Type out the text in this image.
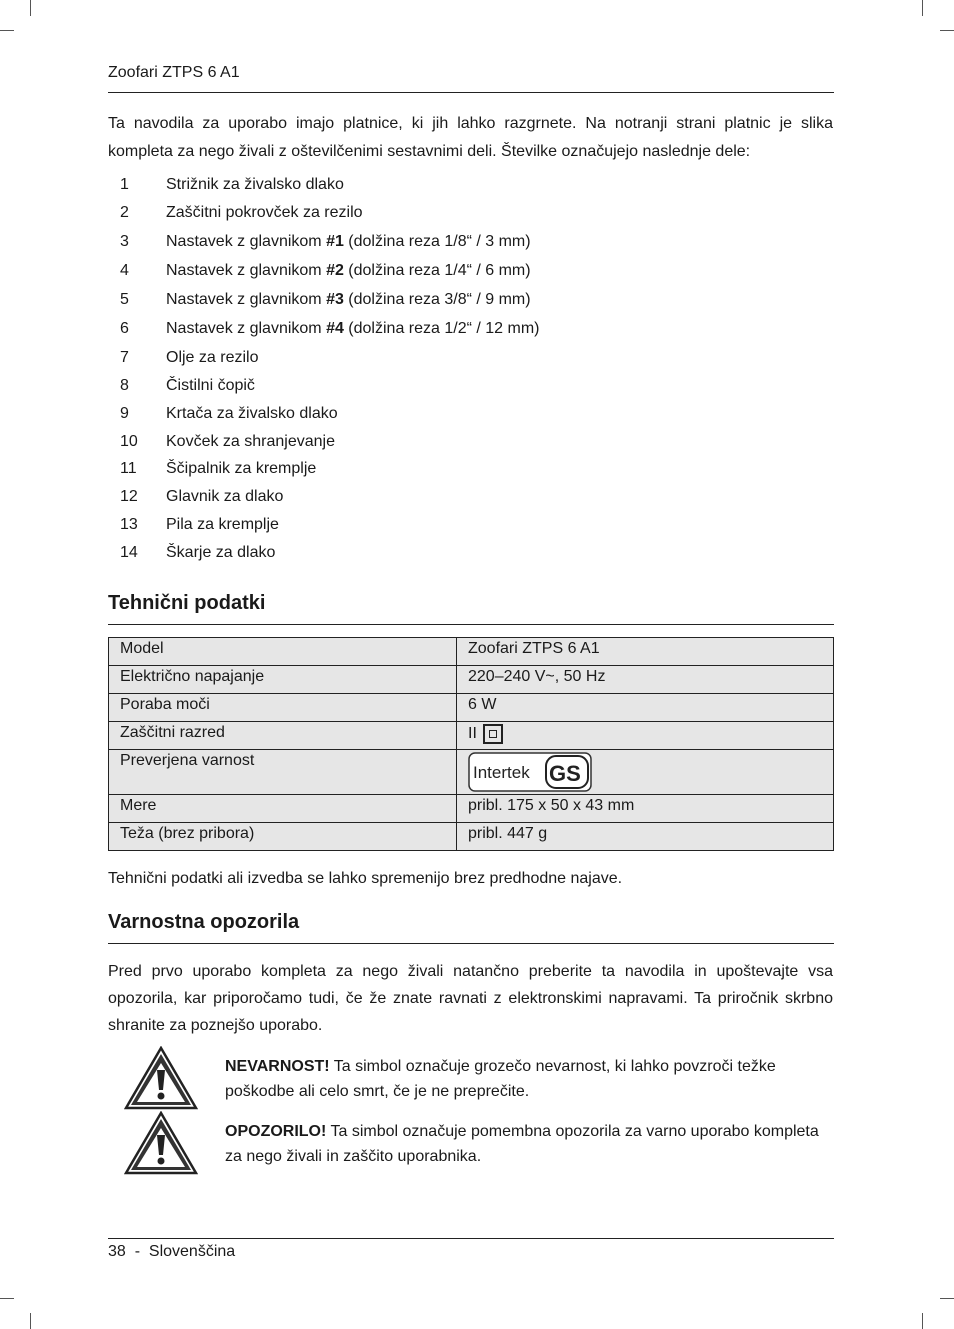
Zoofari ZTPS 6 A1
Ta navodila za uporabo imajo platnice, ki jih lahko razgrnete. Na notranji strani platnic je slika kompleta za nego živali z oštevilčenimi sestavnimi deli. Številke označujejo naslednje dele:
1	Strižnik za živalsko dlako
2	Zaščitni pokrovček za rezilo
3	Nastavek z glavnikom #1 (dolžina reza 1/8“ / 3 mm)
4	Nastavek z glavnikom #2 (dolžina reza 1/4“ / 6 mm)
5	Nastavek z glavnikom #3 (dolžina reza 3/8“ / 9 mm)
6	Nastavek z glavnikom #4 (dolžina reza 1/2“ / 12 mm)
7	Olje za rezilo
8	Čistilni čopič
9	Krtača za živalsko dlako
10	Kovček za shranjevanje
11	Ščipalnik za kremplje
12	Glavnik za dlako
13	Pila za kremplje
14	Škarje za dlako
Tehnični podatki
Model	Zoofari ZTPS 6 A1
Električno napajanje	220–240 V~, 50 Hz
Poraba moči	6 W
Zaščitni razred	II
Preverjena varnost	Intertek GS

Mere	pribl. 175 x 50 x 43 mm
Teža (brez pribora)	pribl. 447 g
Tehnični podatki ali izvedba se lahko spremenijo brez predhodne najave.
Varnostna opozorila
Pred prvo uporabo kompleta za nego živali natančno preberite ta navodila in upoštevajte vsa opozorila, kar priporočamo tudi, če že znate ravnati z elektronskimi napravami. Ta priročnik skrbno shranite za poznejšo uporabo.
NEVARNOST! Ta simbol označuje grozečo nevarnost, ki lahko povzroči težke poškodbe ali celo smrt, če je ne preprečite.
OPOZORILO! Ta simbol označuje pomembna opozorila za varno uporabo kompleta za nego živali in zaščito uporabnika.
38  -  Slovenščina
